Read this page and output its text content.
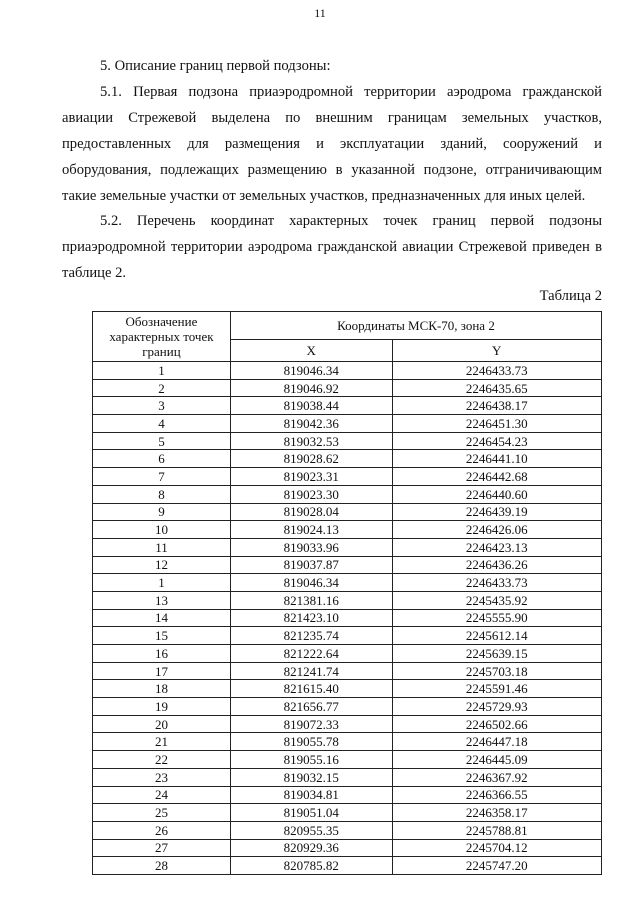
11

5. Описание границ первой подзоны:

5.1. Первая подзона приаэродромной территории аэродрома гражданской авиации Стрежевой выделена по внешним границам земельных участков, предоставленных для размещения и эксплуатации зданий, сооружений и оборудования, подлежащих размещению в указанной подзоне, отграничивающим такие земельные участки от земельных участков, предназначенных для иных целей.

5.2. Перечень координат характерных точек границ первой подзоны приаэродромной территории аэродрома гражданской авиации Стрежевой приведен в таблице 2.

Таблица 2
Обозначение характерных точек границ	Координаты МСК-70, зона 2	
	X	Y
1	819046.34	2246433.73
2	819046.92	2246435.65
3	819038.44	2246438.17
4	819042.36	2246451.30
5	819032.53	2246454.23
6	819028.62	2246441.10
7	819023.31	2246442.68
8	819023.30	2246440.60
9	819028.04	2246439.19
10	819024.13	2246426.06
11	819033.96	2246423.13
12	819037.87	2246436.26
1	819046.34	2246433.73
13	821381.16	2245435.92
14	821423.10	2245555.90
15	821235.74	2245612.14
16	821222.64	2245639.15
17	821241.74	2245703.18
18	821615.40	2245591.46
19	821656.77	2245729.93
20	819072.33	2246502.66
21	819055.78	2246447.18
22	819055.16	2246445.09
23	819032.15	2246367.92
24	819034.81	2246366.55
25	819051.04	2246358.17
26	820955.35	2245788.81
27	820929.36	2245704.12
28	820785.82	2245747.20
